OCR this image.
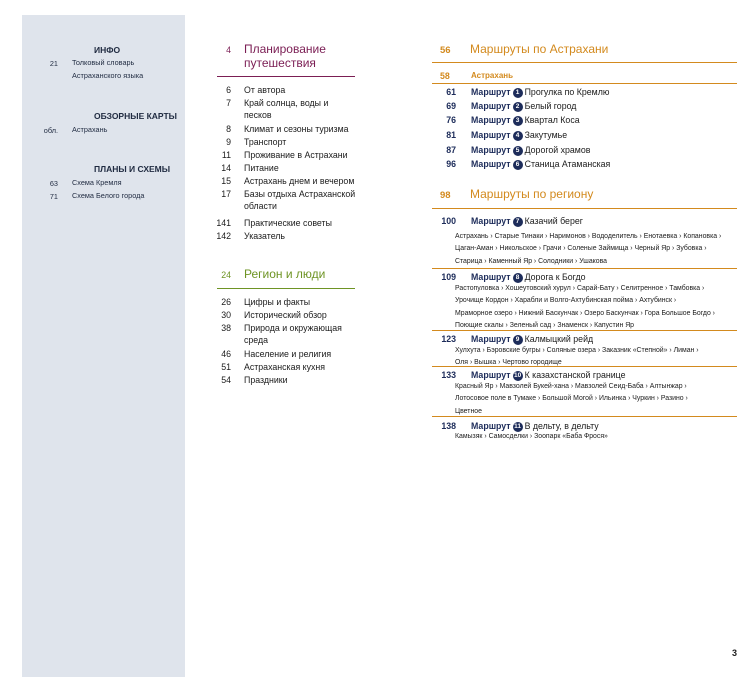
ИНФО
21 Толковый словарь Астраханского языка
ОБЗОРНЫЕ КАРТЫ
обл. Астрахань
ПЛАНЫ И СХЕМЫ
63 Схема Кремля
71 Схема Белого города
4 Планирование путешествия
6 От автора
7 Край солнца, воды и песков
8 Климат и сезоны туризма
9 Транспорт
11 Проживание в Астрахани
14 Питание
15 Астрахань днем и вечером
17 Базы отдыха Астраханской области
141 Практические советы
142 Указатель
24 Регион и люди
26 Цифры и факты
30 Исторический обзор
38 Природа и окружающая среда
46 Население и религия
51 Астраханская кухня
54 Праздники
56	Маршруты по Астрахани
58	Астрахань
61 Маршрут 1 Прогулка по Кремлю
69 Маршрут 2 Белый город
76 Маршрут 3 Квартал Коса
81 Маршрут 4 Закутумье
87 Маршрут 5 Дорогой храмов
96 Маршрут 6 Станица Атаманская
98	Маршруты по региону
100 Маршрут 7 Казачий берег
Астрахань › Старые Тинаки › Наримонов › Вододелитель › Енотаевка › Копановка ›
Цаган-Аман › Никольское › Грачи › Соленые Займища › Черный Яр › Зубовка ›
Старица › Каменный Яр › Солодники › Ушакова
109 Маршрут 8 Дорога к Богдо
Растопуловка › Хошеутовский хурул › Сарай-Бату › Селитренное › Тамбовка ›
Урочище Кордон › Харабли и Волго-Ахтубинская пойма › Ахтубинск ›
Мраморное озеро › Нижний Баскунчак › Озеро Баскунчак › Гора Большое Богдо ›
Поющие скалы › Зеленый сад › Знаменск › Капустин Яр
123 Маршрут 9 Калмыцкий рейд
Хулхута › Бэровские бугры › Соляные озера › Заказник «Степной» › Лиман ›
Оля › Вышка › Чертово городище
133 Маршрут 10 К казахстанской границе
Красный Яр › Мавзолей Букей-хана › Мавзолей Сеид-Баба › Алтынжар ›
Лотосовое поле в Тумаке › Большой Могой › Ильинка › Чуркин › Разино ›
Цветное
138 Маршрут 11 В дельту, в дельту
Камызяк › Самосделки › Зоопарк «Баба Фрося»
3
